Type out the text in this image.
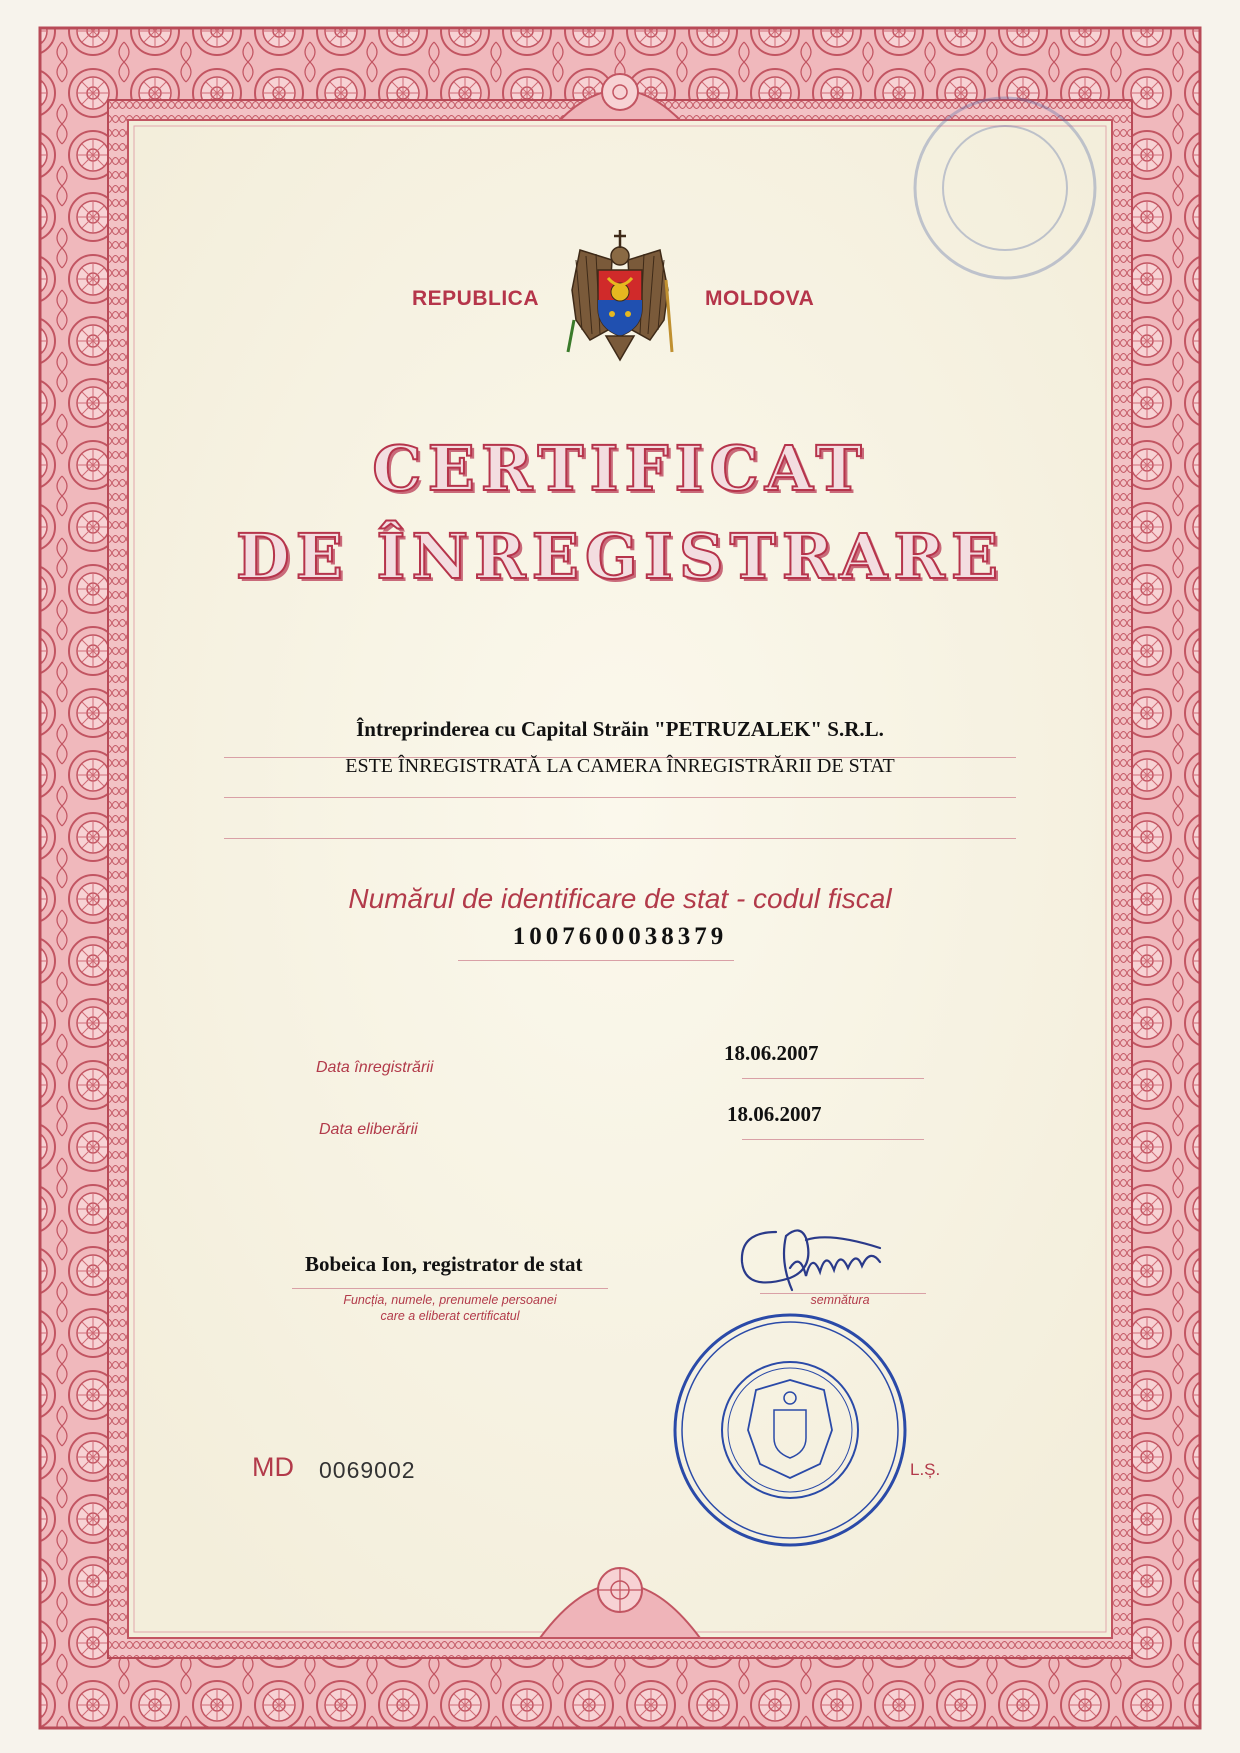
REPUBLICA	MOLDOVA
CERTIFICAT
DE ÎNREGISTRARE
Întreprinderea cu Capital Străin "PETRUZALEK" S.R.L.
ESTE ÎNREGISTRATĂ LA CAMERA ÎNREGISTRĂRII DE STAT
Numărul de identificare de stat - codul fiscal
1007600038379
Data înregistrării
18.06.2007
Data eliberării
18.06.2007
Bobeica Ion, registrator de stat
Funcția, numele, prenumele persoanei
care a eliberat certificatul
semnătura
MD 0069002	L.Ș.
